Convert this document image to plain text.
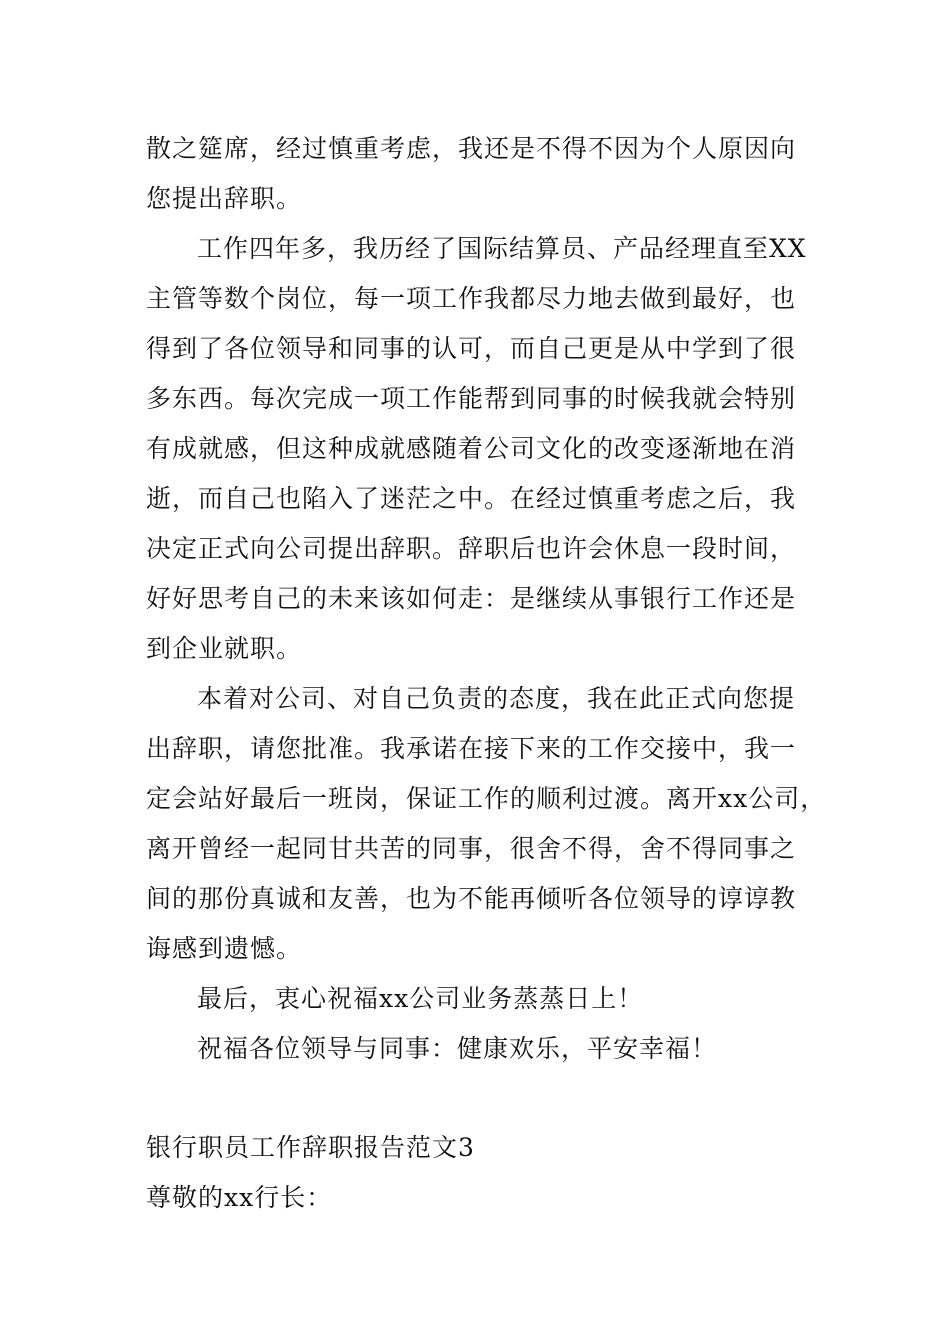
散之筵席，经过慎重考虑，我还是不得不因为个人原因向

您提出辞职。

工作四年多，我历经了国际结算员、产品经理直至XX

主管等数个岗位，每一项工作我都尽力地去做到最好，也

得到了各位领导和同事的认可，而自己更是从中学到了很

多东西。每次完成一项工作能帮到同事的时候我就会特别

有成就感，但这种成就感随着公司文化的改变逐渐地在消

逝，而自己也陷入了迷茫之中。在经过慎重考虑之后，我

决定正式向公司提出辞职。辞职后也许会休息一段时间，

好好思考自己的未来该如何走：是继续从事银行工作还是

到企业就职。

本着对公司、对自己负责的态度，我在此正式向您提

出辞职，请您批准。我承诺在接下来的工作交接中，我一

定会站好最后一班岗，保证工作的顺利过渡。离开xx公司，

离开曾经一起同甘共苦的同事，很舍不得，舍不得同事之

间的那份真诚和友善，也为不能再倾听各位领导的谆谆教

诲感到遗憾。

最后，衷心祝福xx公司业务蒸蒸日上！

祝福各位领导与同事：健康欢乐，平安幸福！

银行职员工作辞职报告范文3

尊敬的xx行长：
